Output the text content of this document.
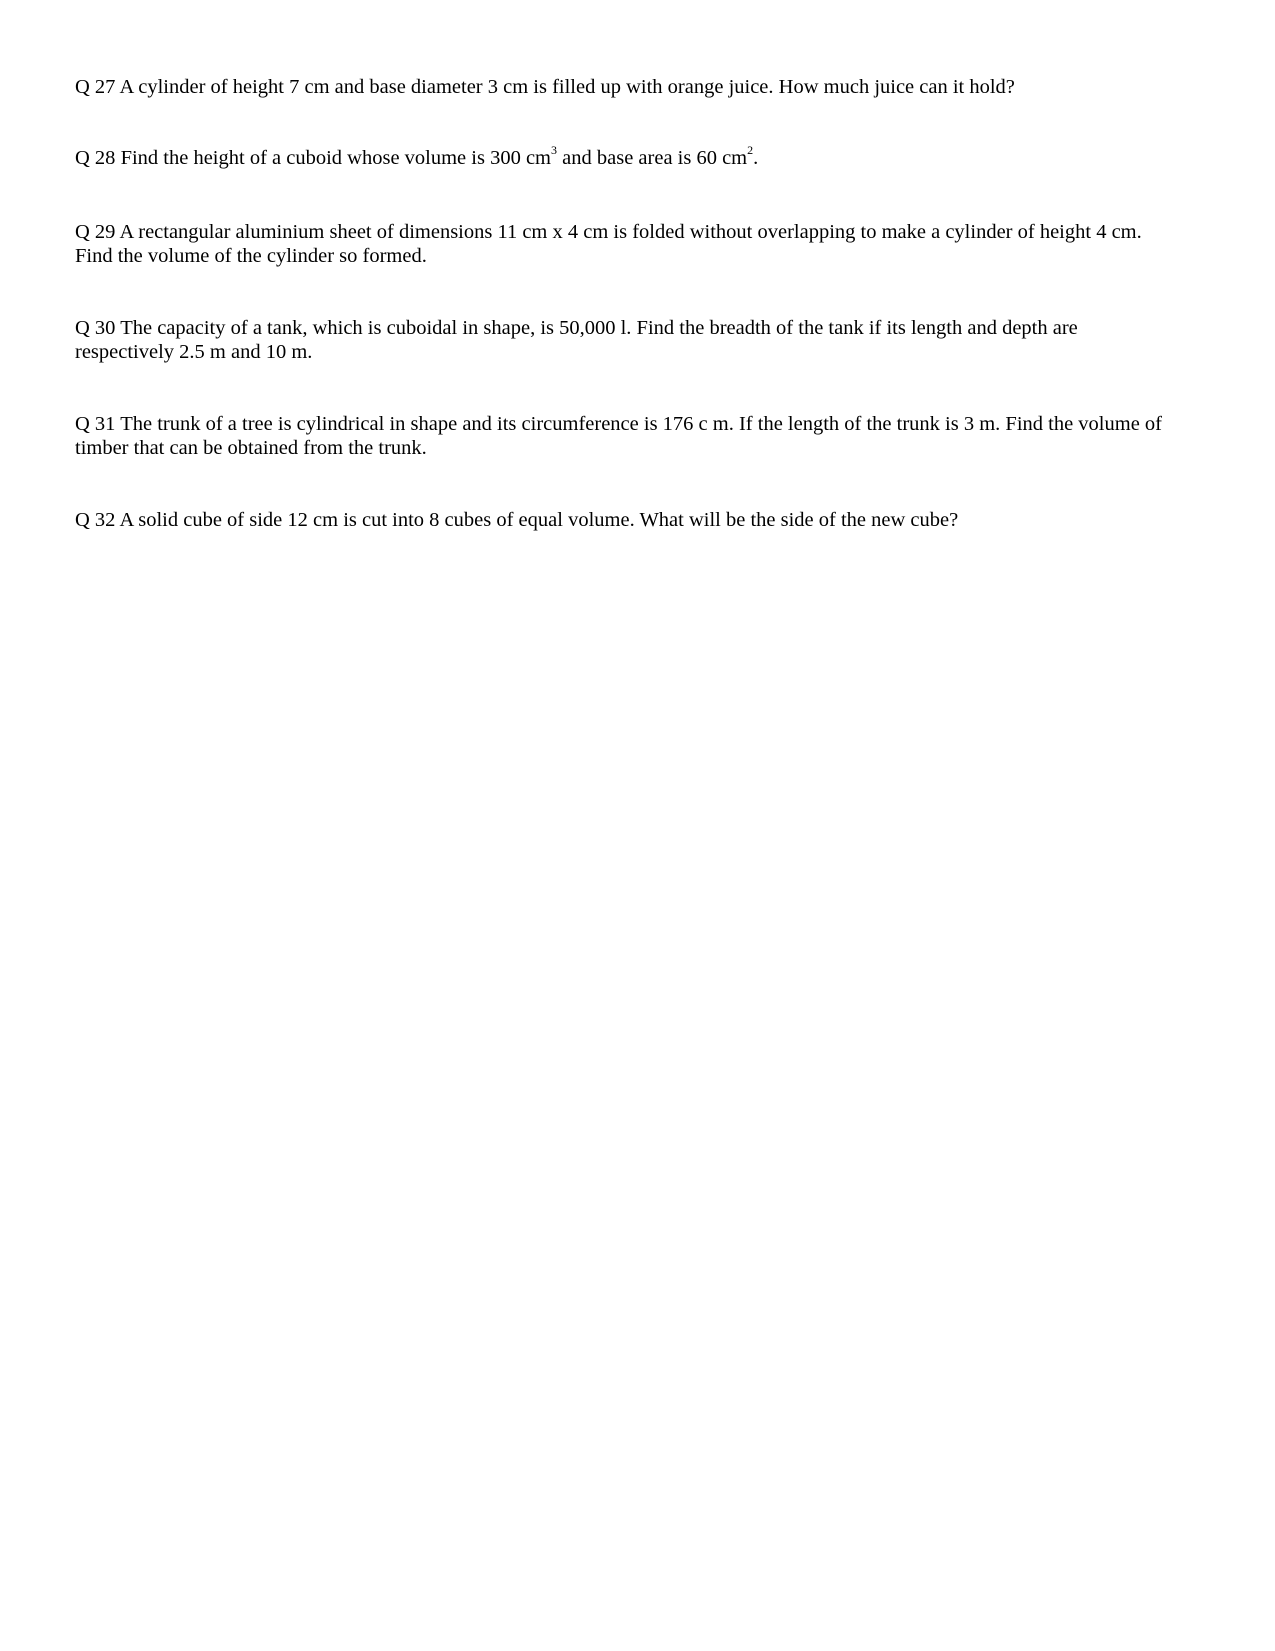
Q 27 A cylinder of height 7 cm and base diameter 3 cm is filled up with orange juice. How much juice can it hold?

Q 28 Find the height of a cuboid whose volume is 300 $cm^3$ and base area is 60 $cm^2$.

Q 29 A rectangular aluminium sheet of dimensions 11 cm x 4 cm is folded without overlapping to make a cylinder of height 4 cm.
Find the volume of the cylinder so formed.

Q 30 The capacity of a tank, which is cuboidal in shape, is 50,000 l. Find the breadth of the tank if its length and depth are
respectively 2.5 m and 10 m.

Q 31 The trunk of a tree is cylindrical in shape and its circumference is 176 c m. If the length of the trunk is 3 m. Find the volume of
timber that can be obtained from the trunk.

Q 32 A solid cube of side 12 cm is cut into 8 cubes of equal volume. What will be the side of the new cube?
